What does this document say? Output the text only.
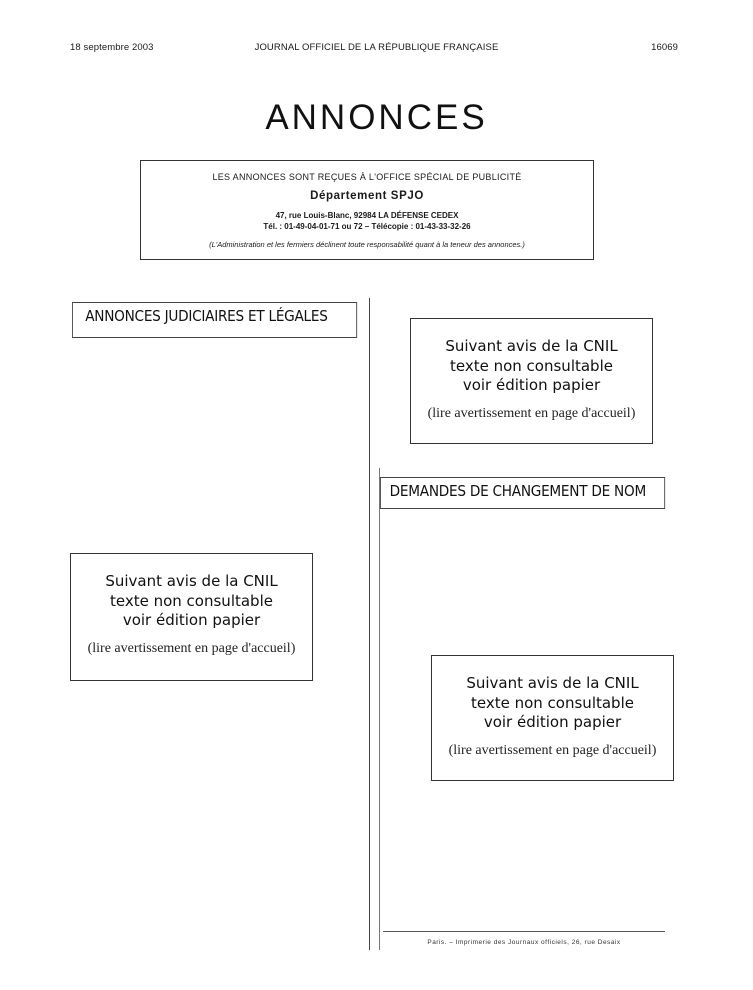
18 septembre 2003	JOURNAL OFFICIEL DE LA RÉPUBLIQUE FRANÇAISE	16069
ANNONCES
LES ANNONCES SONT REÇUES À L'OFFICE SPÉCIAL DE PUBLICITÉ
Département SPJO
47, rue Louis-Blanc, 92984 LA DÉFENSE CEDEX
Tél. : 01-49-04-01-71 ou 72 – Télécopie : 01-43-33-32-26
(L'Administration et les fermiers déclinent toute responsabilité quant à la teneur des annonces.)
ANNONCES JUDICIAIRES ET LÉGALES
Suivant avis de la CNIL
texte non consultable
voir édition papier
(lire avertissement en page d'accueil)
DEMANDES DE CHANGEMENT DE NOM
Suivant avis de la CNIL
texte non consultable
voir édition papier
(lire avertissement en page d'accueil)
Suivant avis de la CNIL
texte non consultable
voir édition papier
(lire avertissement en page d'accueil)
Paris. – Imprimerie des Journaux officiels, 26, rue Desaix
